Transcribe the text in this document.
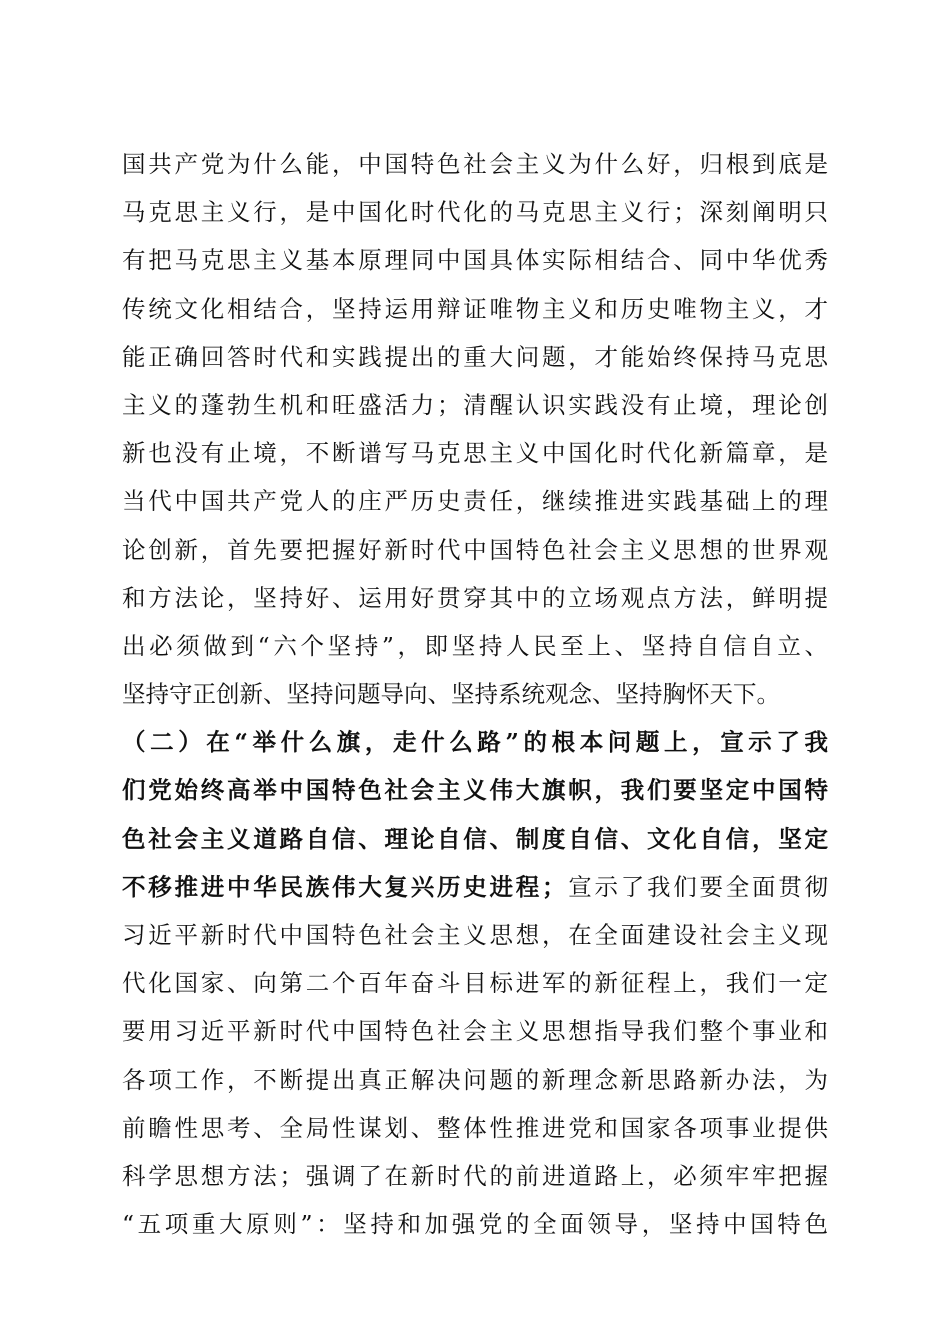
国共产党为什么能，中国特色社会主义为什么好，归根到底是
马克思主义行，是中国化时代化的马克思主义行；深刻阐明只
有把马克思主义基本原理同中国具体实际相结合、同中华优秀
传统文化相结合，坚持运用辩证唯物主义和历史唯物主义，才
能正确回答时代和实践提出的重大问题，才能始终保持马克思
主义的蓬勃生机和旺盛活力；清醒认识实践没有止境，理论创
新也没有止境，不断谱写马克思主义中国化时代化新篇章，是
当代中国共产党人的庄严历史责任，继续推进实践基础上的理
论创新，首先要把握好新时代中国特色社会主义思想的世界观
和方法论，坚持好、运用好贯穿其中的立场观点方法，鲜明提
出必须做到“六个坚持”，即坚持人民至上、坚持自信自立、
坚持守正创新、坚持问题导向、坚持系统观念、坚持胸怀天下。
（二）在“举什么旗，走什么路”的根本问题上，宣示了我
们党始终高举中国特色社会主义伟大旗帜，我们要坚定中国特
色社会主义道路自信、理论自信、制度自信、文化自信，坚定
不移推进中华民族伟大复兴历史进程；宣示了我们要全面贯彻
习近平新时代中国特色社会主义思想，在全面建设社会主义现
代化国家、向第二个百年奋斗目标进军的新征程上，我们一定
要用习近平新时代中国特色社会主义思想指导我们整个事业和
各项工作，不断提出真正解决问题的新理念新思路新办法，为
前瞻性思考、全局性谋划、整体性推进党和国家各项事业提供
科学思想方法；强调了在新时代的前进道路上，必须牢牢把握
“五项重大原则”：坚持和加强党的全面领导，坚持中国特色
